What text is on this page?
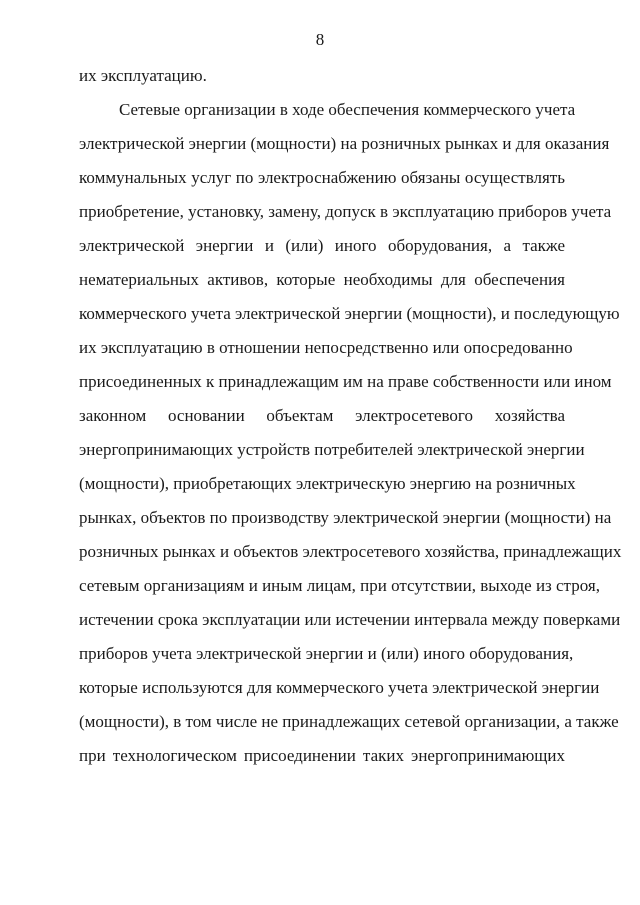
8
их эксплуатацию.
Сетевые организации в ходе обеспечения коммерческого учета
электрической энергии (мощности) на розничных рынках и для оказания
коммунальных услуг по электроснабжению обязаны осуществлять
приобретение, установку, замену, допуск в эксплуатацию приборов учета
электрической энергии и (или) иного оборудования, а также
нематериальных активов, которые необходимы для обеспечения
коммерческого учета электрической энергии (мощности), и последующую
их эксплуатацию в отношении непосредственно или опосредованно
присоединенных к принадлежащим им на праве собственности или ином
законном основании объектам электросетевого хозяйства
энергопринимающих устройств потребителей электрической энергии
(мощности), приобретающих электрическую энергию на розничных
рынках, объектов по производству электрической энергии (мощности) на
розничных рынках и объектов электросетевого хозяйства, принадлежащих
сетевым организациям и иным лицам, при отсутствии, выходе из строя,
истечении срока эксплуатации или истечении интервала между поверками
приборов учета электрической энергии и (или) иного оборудования,
которые используются для коммерческого учета электрической энергии
(мощности), в том числе не принадлежащих сетевой организации, а также
при технологическом присоединении таких энергопринимающих
